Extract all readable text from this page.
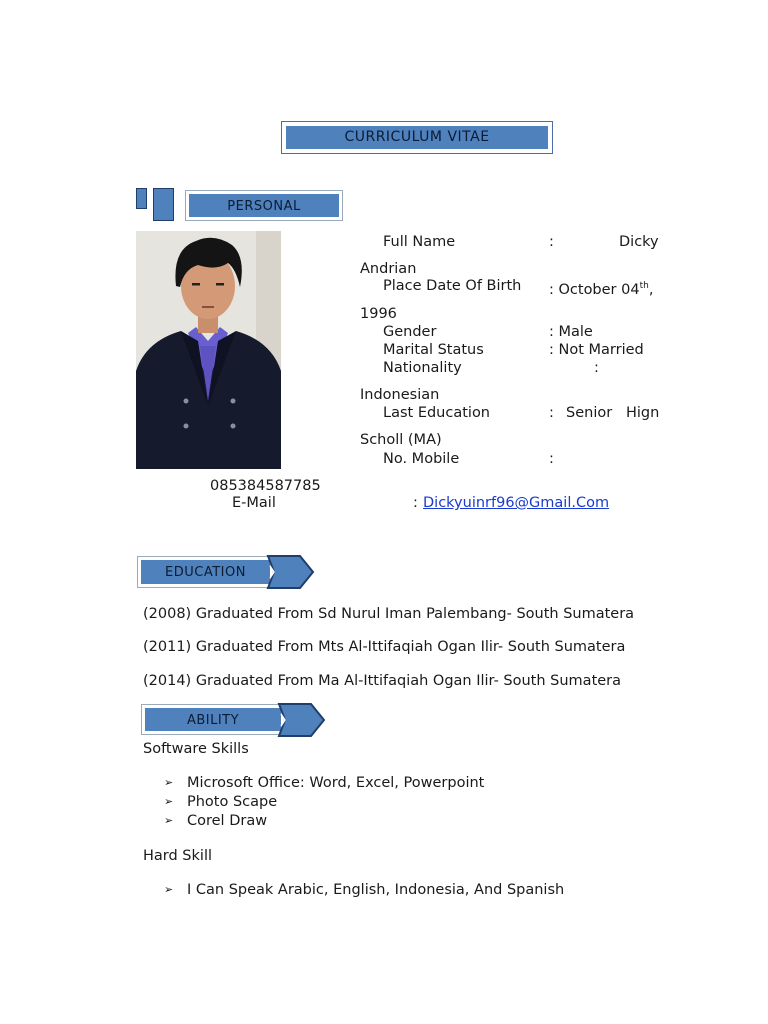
CURRICULUM VITAE
PERSONAL
Full Name	:	Dicky
Andrian
Place Date Of Birth : October 04th,
1996
Gender	: Male
Marital Status	: Not Married
Nationality	:
Indonesian
Last Education	: Senior Hign
Scholl (MA)
No. Mobile	:
085384587785
E-Mail	: Dickyuinrf96@Gmail.Com
EDUCATION
(2008) Graduated From Sd Nurul Iman Palembang- South Sumatera
(2011) Graduated From Mts Al-Ittifaqiah Ogan Ilir- South Sumatera
(2014) Graduated From Ma Al-Ittifaqiah Ogan Ilir- South Sumatera
ABILITY
Software Skills
➢ Microsoft Office: Word, Excel, Powerpoint
➢ Photo Scape
➢ Corel Draw
Hard Skill
➢ I Can Speak Arabic, English, Indonesia, And Spanish
